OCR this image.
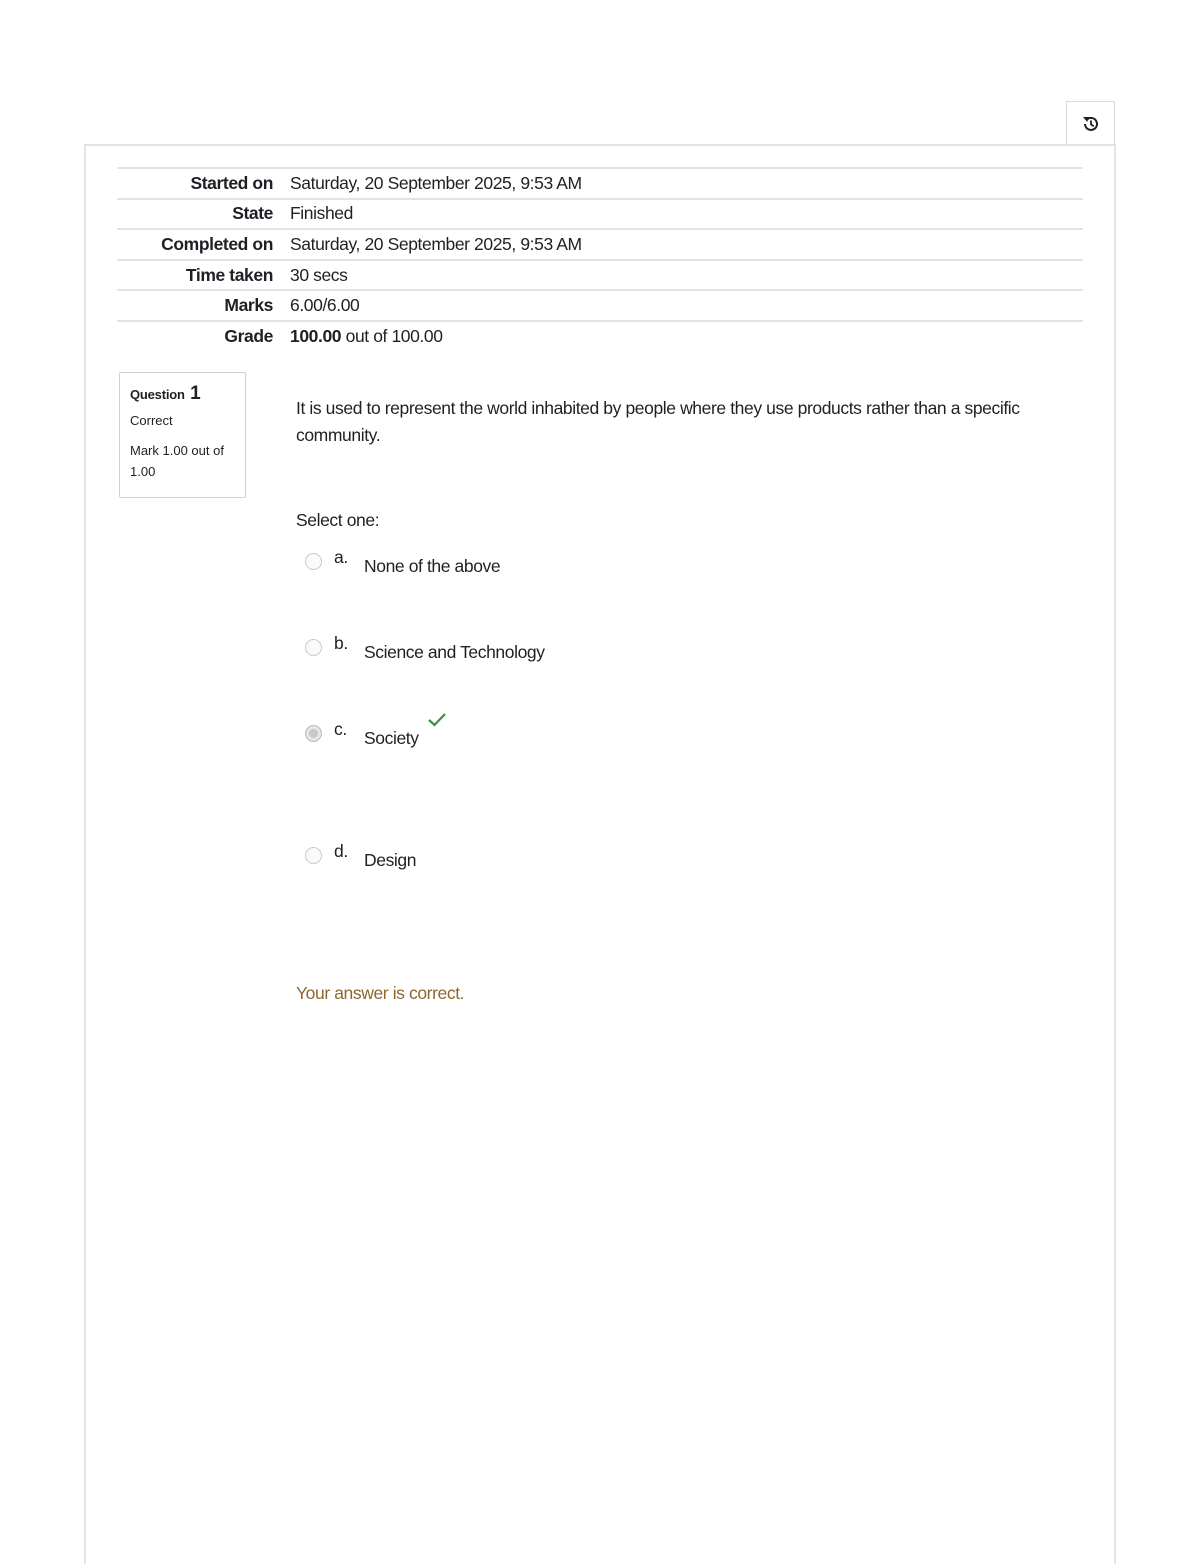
Started on	Saturday, 20 September 2025, 9:53 AM
State	Finished
Completed on	Saturday, 20 September 2025, 9:53 AM
Time taken	30 secs
Marks	6.00/6.00
Grade	100.00 out of 100.00
Question 1
Correct
Mark 1.00 out of 1.00
It is used to represent the world inhabited by people where they use products rather than a specific community.
Select one:
a. None of the above
b. Science and Technology
c. Society
d. Design
Your answer is correct.
